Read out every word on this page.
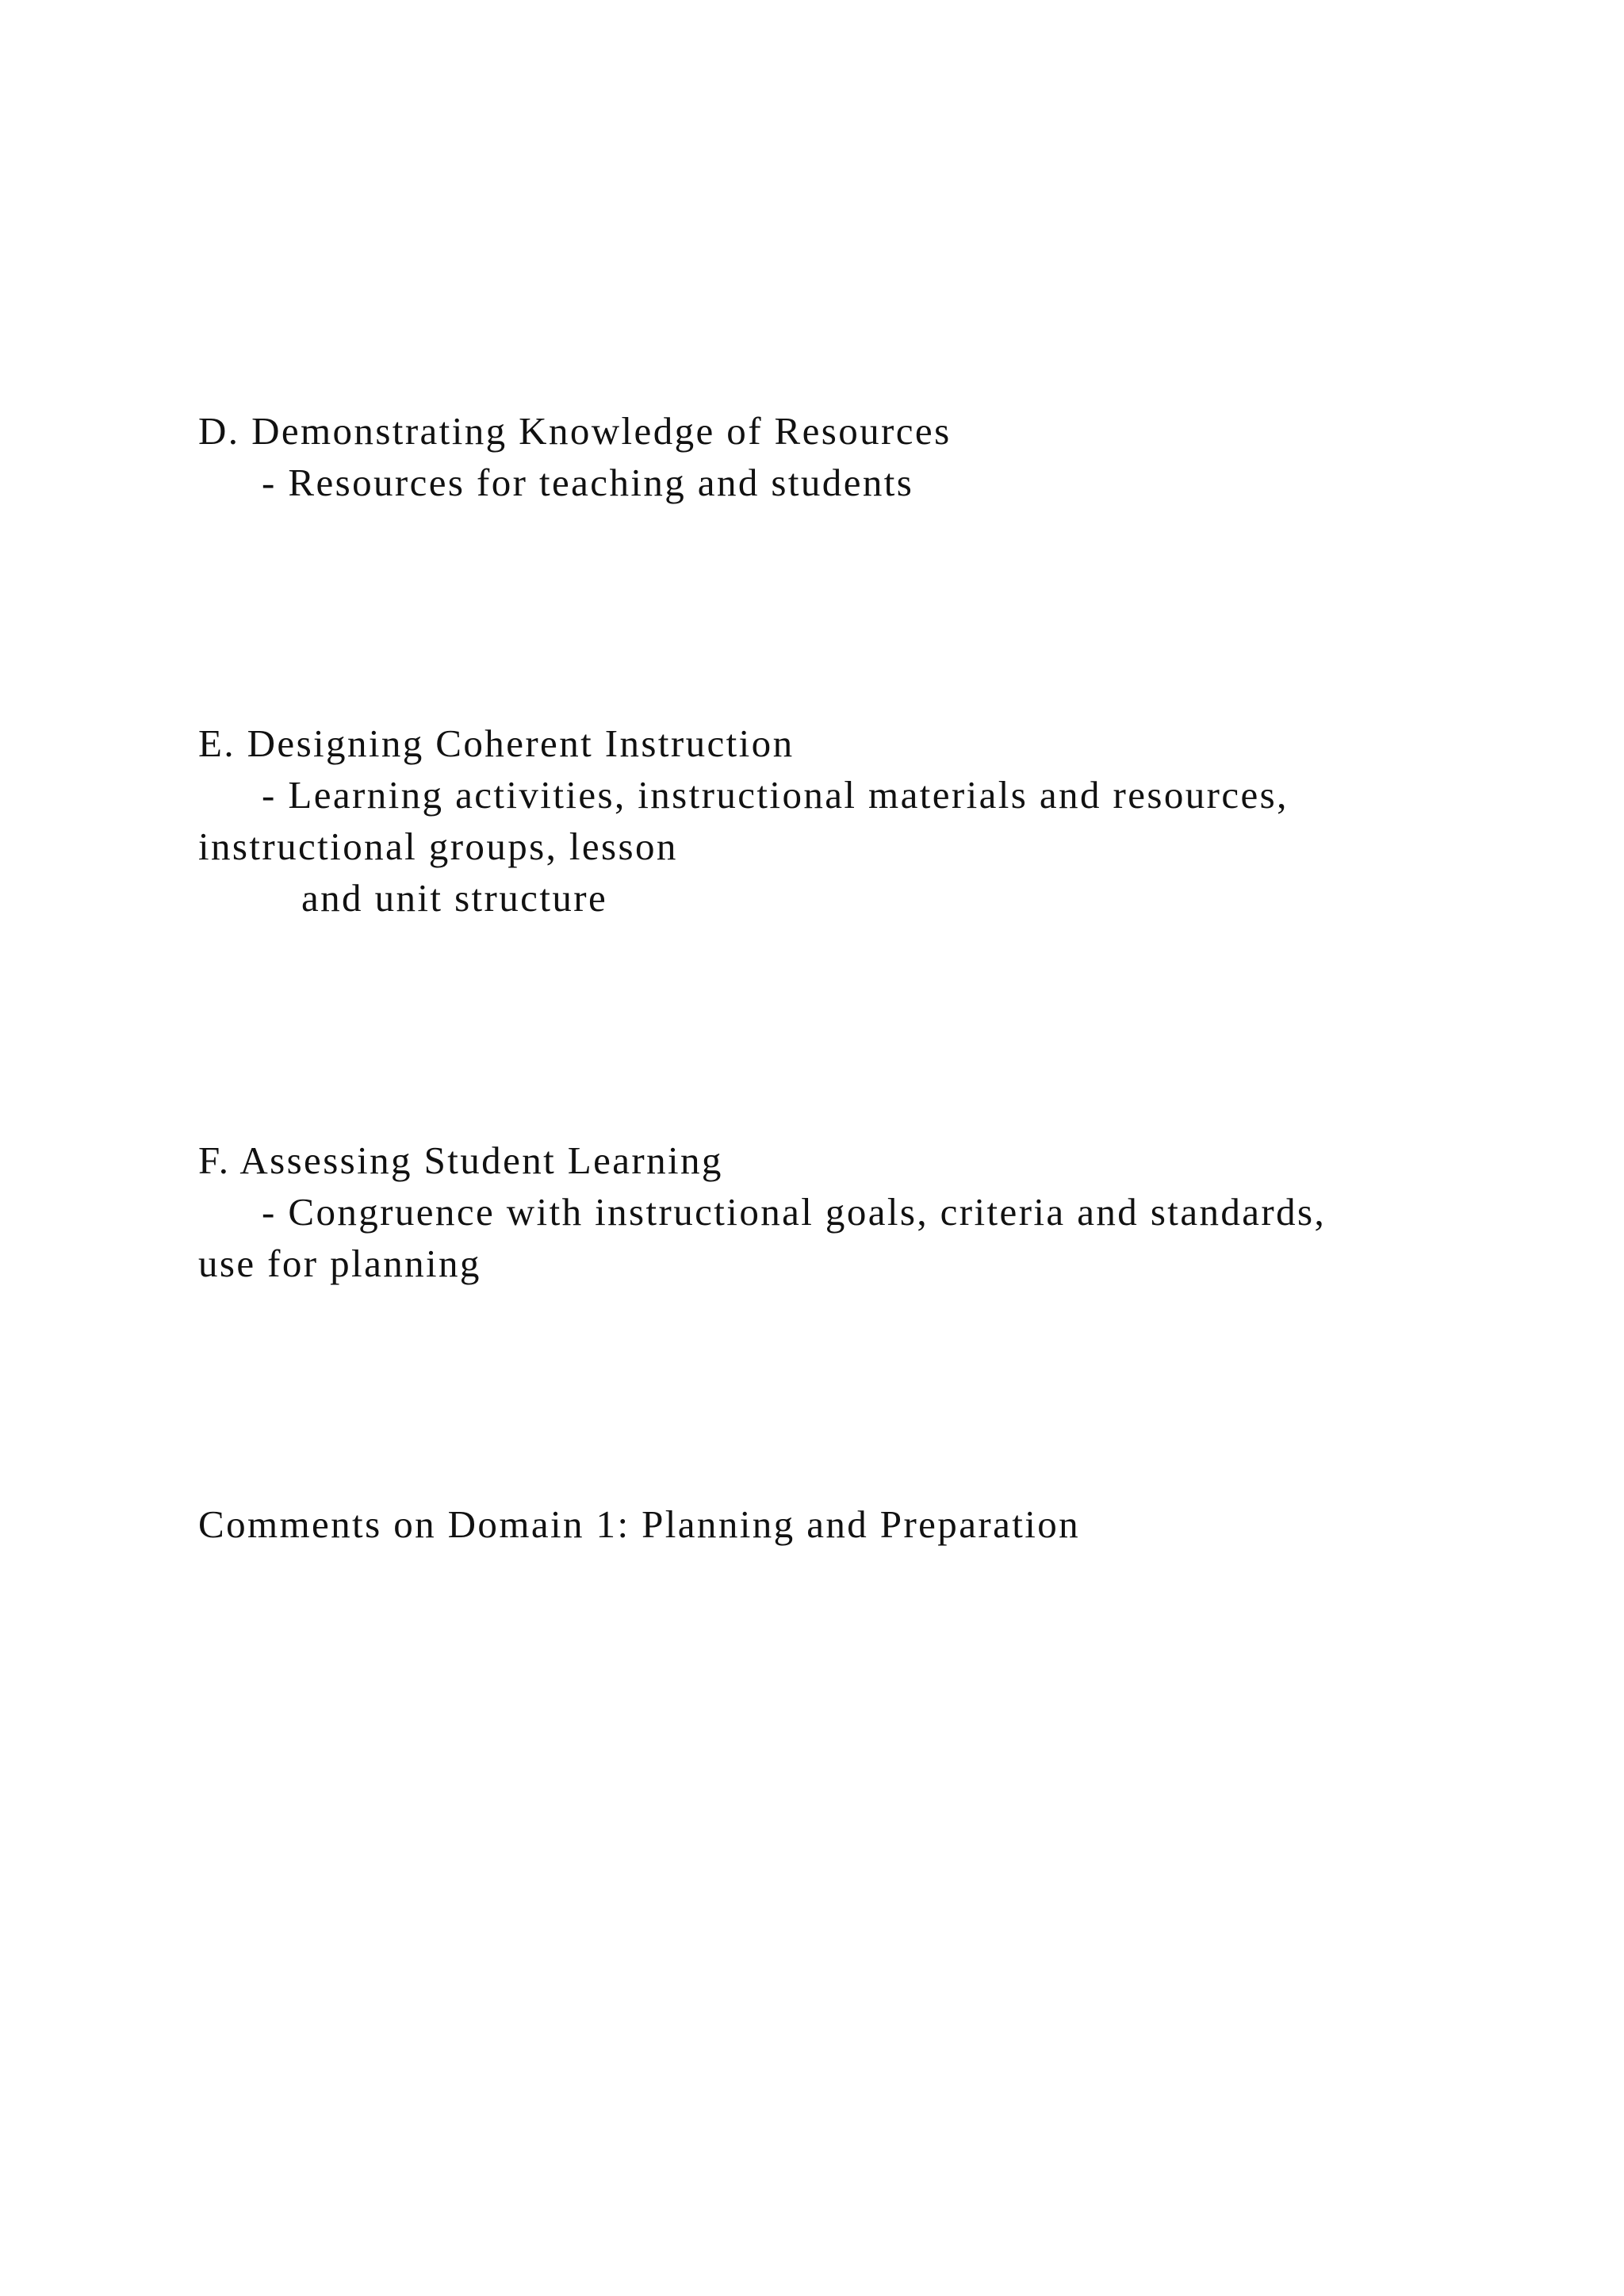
D. Demonstrating Knowledge of Resources

- Resources for teaching and students

E. Designing Coherent Instruction

- Learning activities, instructional materials and resources,

instructional groups, lesson

and unit structure

F. Assessing Student Learning

- Congruence with instructional goals, criteria and standards,

use for planning

Comments on Domain 1: Planning and Preparation
